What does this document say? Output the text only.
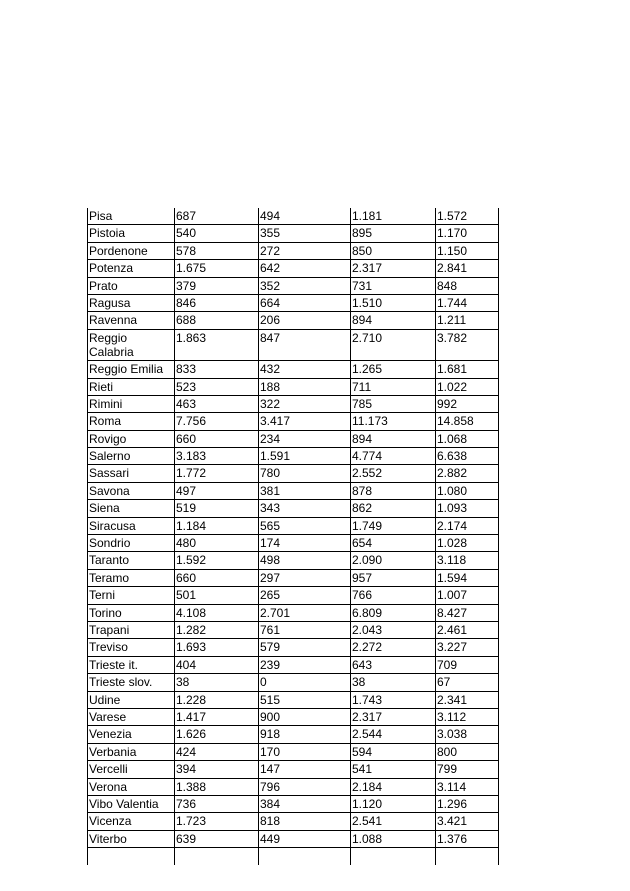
Pisa	687	494	1.181	1.572
Pistoia	540	355	895	1.170
Pordenone	578	272	850	1.150
Potenza	1.675	642	2.317	2.841
Prato	379	352	731	848
Ragusa	846	664	1.510	1.744
Ravenna	688	206	894	1.211
Reggio Calabria	1.863	847	2.710	3.782
Reggio Emilia	833	432	1.265	1.681
Rieti	523	188	711	1.022
Rimini	463	322	785	992
Roma	7.756	3.417	11.173	14.858
Rovigo	660	234	894	1.068
Salerno	3.183	1.591	4.774	6.638
Sassari	1.772	780	2.552	2.882
Savona	497	381	878	1.080
Siena	519	343	862	1.093
Siracusa	1.184	565	1.749	2.174
Sondrio	480	174	654	1.028
Taranto	1.592	498	2.090	3.118
Teramo	660	297	957	1.594
Terni	501	265	766	1.007
Torino	4.108	2.701	6.809	8.427
Trapani	1.282	761	2.043	2.461
Treviso	1.693	579	2.272	3.227
Trieste it.	404	239	643	709
Trieste slov.	38	0	38	67
Udine	1.228	515	1.743	2.341
Varese	1.417	900	2.317	3.112
Venezia	1.626	918	2.544	3.038
Verbania	424	170	594	800
Vercelli	394	147	541	799
Verona	1.388	796	2.184	3.114
Vibo Valentia	736	384	1.120	1.296
Vicenza	1.723	818	2.541	3.421
Viterbo	639	449	1.088	1.376
